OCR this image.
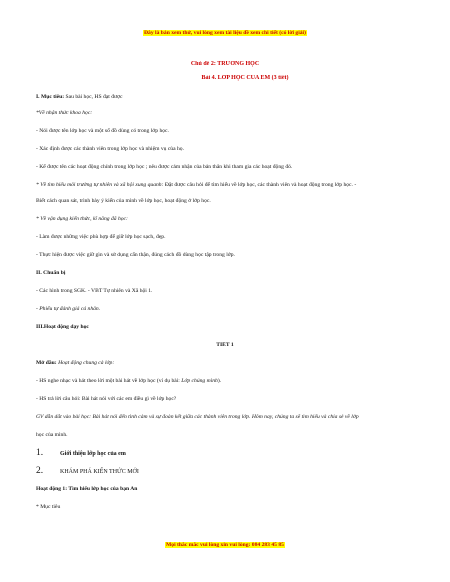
Đây là bản xem thử, vui lòng xem tài liệu đề xem chi tiết (có lời giải)
Chủ đề 2: TRƯỜNG HỌC
Bài 4. LỚP HỌC CỦA EM (3 tiết)
I. Mục tiêu: Sau bài học, HS đạt được
*Về nhận thức khoa học:
- Nói được tên lớp học và một số đồ dùng có trong lớp học.
- Xác định được các thành viên trong lớp học và nhiệm vụ của họ.
- Kể được tên các hoạt động chính trong lớp học ; nêu được cảm nhận của bản thân khi tham gia các hoạt động đó.
* Về tìm hiểu môi trường tự nhiên và xã hội xung quanh: Đặt được câu hỏi để tìm hiểu về lớp học, các thành viên và hoạt động trong lớp học. -
Biết cách quan sát, trình bày ý kiến của mình về lớp học, hoạt động ở lớp học.
* Về vận dụng kiến thức, kĩ năng đã học:
- Làm được những việc phù hợp để giữ lớp học sạch, đẹp.
- Thực hiện được việc giữ gìn và sử dụng cẩn thận, đúng cách đồ dùng học tập trong lớp.
II. Chuẩn bị
- Các hình trong SGK. - VBT Tự nhiên và Xã hội 1.
- Phiếu tự đánh giá cá nhân.
III.Hoạt động dạy học
TIẾT 1
Mở đầu: Hoạt động chung cả lớp:
- HS nghe nhạc và hát theo lời một bài hát về lớp học (ví dụ bài: Lớp chúng mình).
- HS trả lời câu hỏi: Bài hát nói với các em điều gì về lớp học?
GV dẫn dắt vào bài học: Bài hát nói đến tình cảm và sự đoàn kết giữa các thành viên trong lớp. Hôm nay, chúng ta sẽ tìm hiểu và chia sẻ về lớp
học của mình.
1.	Giới thiệu lớp học của em
2.	KHÁM PHÁ KIẾN THỨC MỚI
Hoạt động 1: Tìm hiểu lớp học của bạn An
* Mục tiêu
Mọi thắc mắc vui lòng xin vui lòng: 084 283 45 85
